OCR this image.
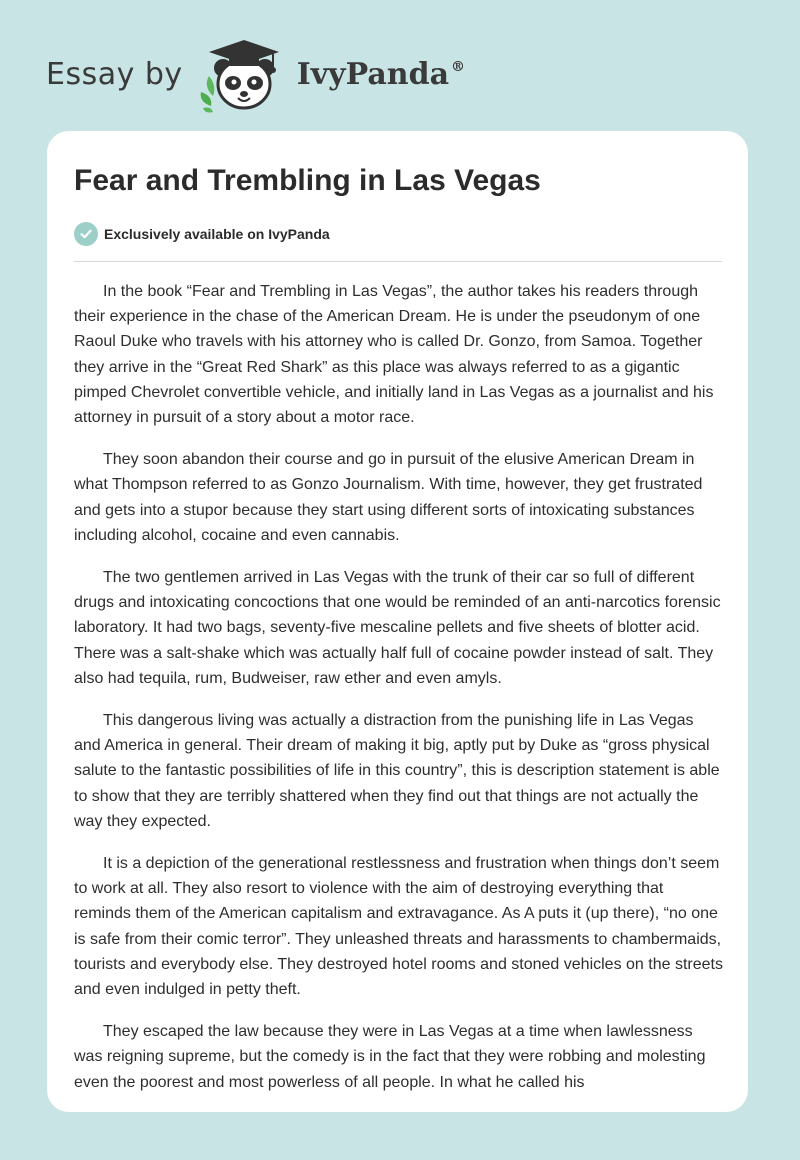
Essay by	IvyPanda ®
Fear and Trembling in Las Vegas
Exclusively available on IvyPanda

In the book “Fear and Trembling in Las Vegas”, the author takes his readers through their experience in the chase of the American Dream. He is under the pseudonym of one Raoul Duke who travels with his attorney who is called Dr. Gonzo, from Samoa. Together they arrive in the “Great Red Shark” as this place was always referred to as a gigantic pimped Chevrolet convertible vehicle, and initially land in Las Vegas as a journalist and his attorney in pursuit of a story about a motor race.

They soon abandon their course and go in pursuit of the elusive American Dream in what Thompson referred to as Gonzo Journalism. With time, however, they get frustrated and gets into a stupor because they start using different sorts of intoxicating substances including alcohol, cocaine and even cannabis.

The two gentlemen arrived in Las Vegas with the trunk of their car so full of different drugs and intoxicating concoctions that one would be reminded of an anti-narcotics forensic laboratory. It had two bags, seventy-five mescaline pellets and five sheets of blotter acid. There was a salt-shake which was actually half full of cocaine powder instead of salt. They also had tequila, rum, Budweiser, raw ether and even amyls.

This dangerous living was actually a distraction from the punishing life in Las Vegas and America in general. Their dream of making it big, aptly put by Duke as “gross physical salute to the fantastic possibilities of life in this country”, this is description statement is able to show that they are terribly shattered when they find out that things are not actually the way they expected.

It is a depiction of the generational restlessness and frustration when things don’t seem to work at all. They also resort to violence with the aim of destroying everything that reminds them of the American capitalism and extravagance. As A puts it (up there), “no one is safe from their comic terror”. They unleashed threats and harassments to chambermaids, tourists and everybody else. They destroyed hotel rooms and stoned vehicles on the streets and even indulged in petty theft.

They escaped the law because they were in Las Vegas at a time when lawlessness was reigning supreme, but the comedy is in the fact that they were robbing and molesting even the poorest and most powerless of all people. In what he called his
